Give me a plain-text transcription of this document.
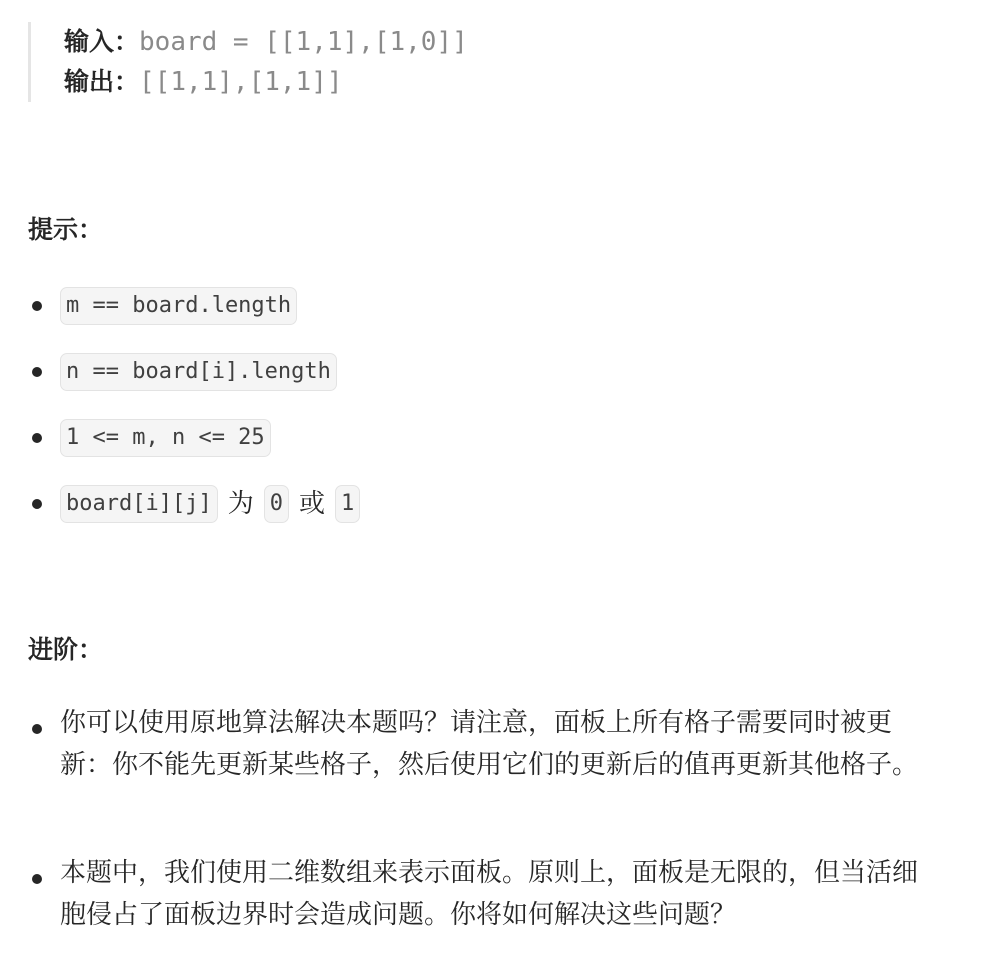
输入：board = [[1,1],[1,0]]
输出：[[1,1],[1,1]]
提示：
m == board.length
n == board[i].length
1 <= m, n <= 25
board[i][j] 为 0 或 1
进阶：
你可以使用原地算法解决本题吗？请注意，面板上所有格子需要同时被更新：你不能先更新某些格子，然后使用它们的更新后的值再更新其他格子。
本题中，我们使用二维数组来表示面板。原则上，面板是无限的，但当活细胞侵占了面板边界时会造成问题。你将如何解决这些问题？
